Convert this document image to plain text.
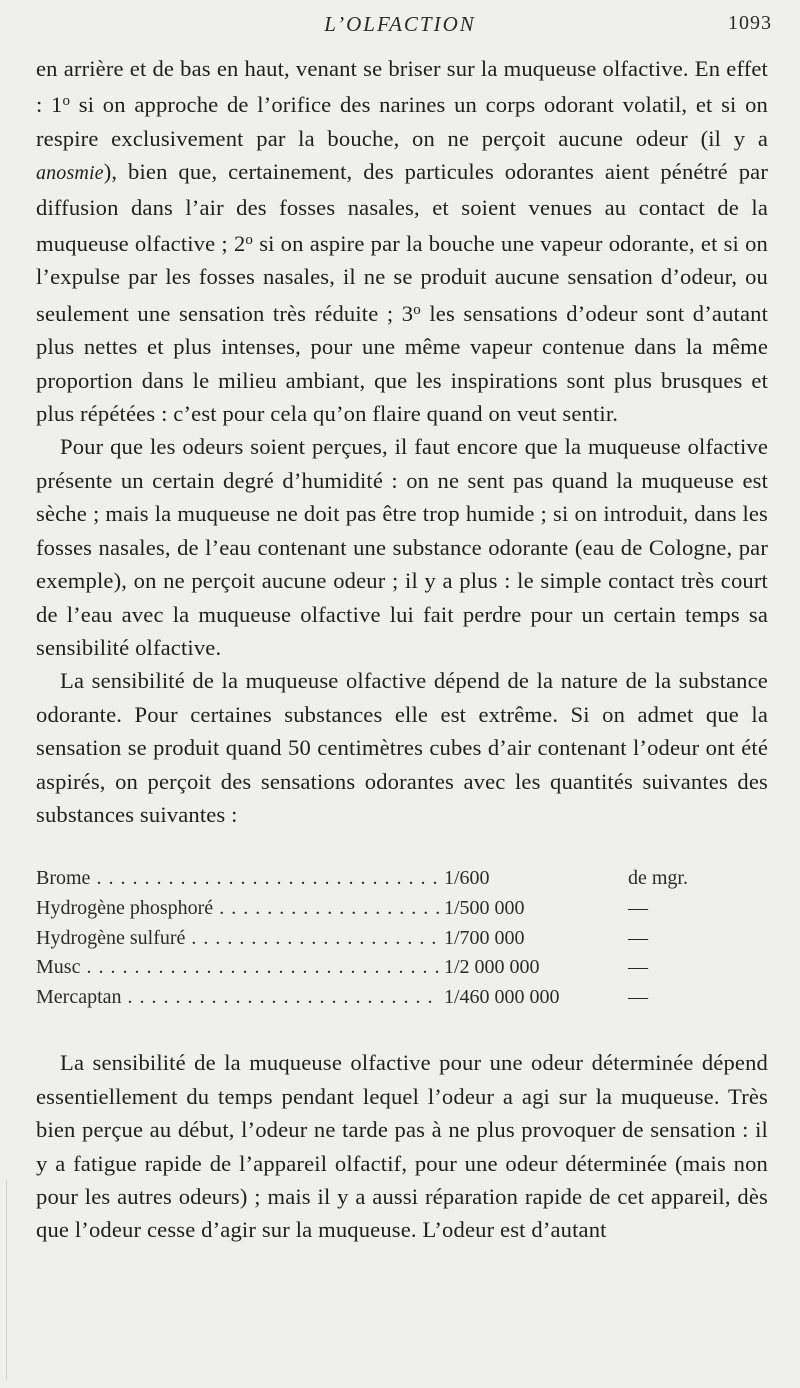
L’OLFACTION	1093

en arrière et de bas en haut, venant se briser sur la muqueuse olfactive. En effet : 1$^o$ si on approche de l’orifice des narines un corps odorant volatil, et si on respire exclusivement par la bouche, on ne perçoit aucune odeur (il y a anosmie), bien que, certainement, des particules odorantes aient pénétré par diffusion dans l’air des fosses nasales, et soient venues au contact de la muqueuse olfactive ; 2$^o$ si on aspire par la bouche une vapeur odorante, et si on l’expulse par les fosses nasales, il ne se produit aucune sensation d’odeur, ou seulement une sensation très réduite ; 3$^o$ les sensations d’odeur sont d’autant plus nettes et plus intenses, pour une même vapeur contenue dans la même proportion dans le milieu ambiant, que les inspirations sont plus brusques et plus répétées : c’est pour cela qu’on flaire quand on veut sentir.

Pour que les odeurs soient perçues, il faut encore que la muqueuse olfactive présente un certain degré d’humidité : on ne sent pas quand la muqueuse est sèche ; mais la muqueuse ne doit pas être trop humide ; si on introduit, dans les fosses nasales, de l’eau contenant une substance odorante (eau de Cologne, par exemple), on ne perçoit aucune odeur ; il y a plus : le simple contact très court de l’eau avec la muqueuse olfactive lui fait perdre pour un certain temps sa sensibilité olfactive.

La sensibilité de la muqueuse olfactive dépend de la nature de la substance odorante. Pour certaines substances elle est extrême. Si on admet que la sensation se produit quand 50 centimètres cubes d’air contenant l’odeur ont été aspirés, on perçoit des sensations odorantes avec les quantités suivantes des substances suivantes :

Brome . . .	1/600	de mgr.
Hydrogène phosphoré . . .	1/500 000	—
Hydrogène sulfuré . . .	1/700 000	—
Musc . . .	1/2 000 000	—
Mercaptan . . .	1/460 000 000	—

La sensibilité de la muqueuse olfactive pour une odeur déterminée dépend essentiellement du temps pendant lequel l’odeur a agi sur la muqueuse. Très bien perçue au début, l’odeur ne tarde pas à ne plus provoquer de sensation : il y a fatigue rapide de l’appareil olfactif, pour une odeur déterminée (mais non pour les autres odeurs) ; mais il y a aussi réparation rapide de cet appareil, dès que l’odeur cesse d’agir sur la muqueuse. L’odeur est d’autant
